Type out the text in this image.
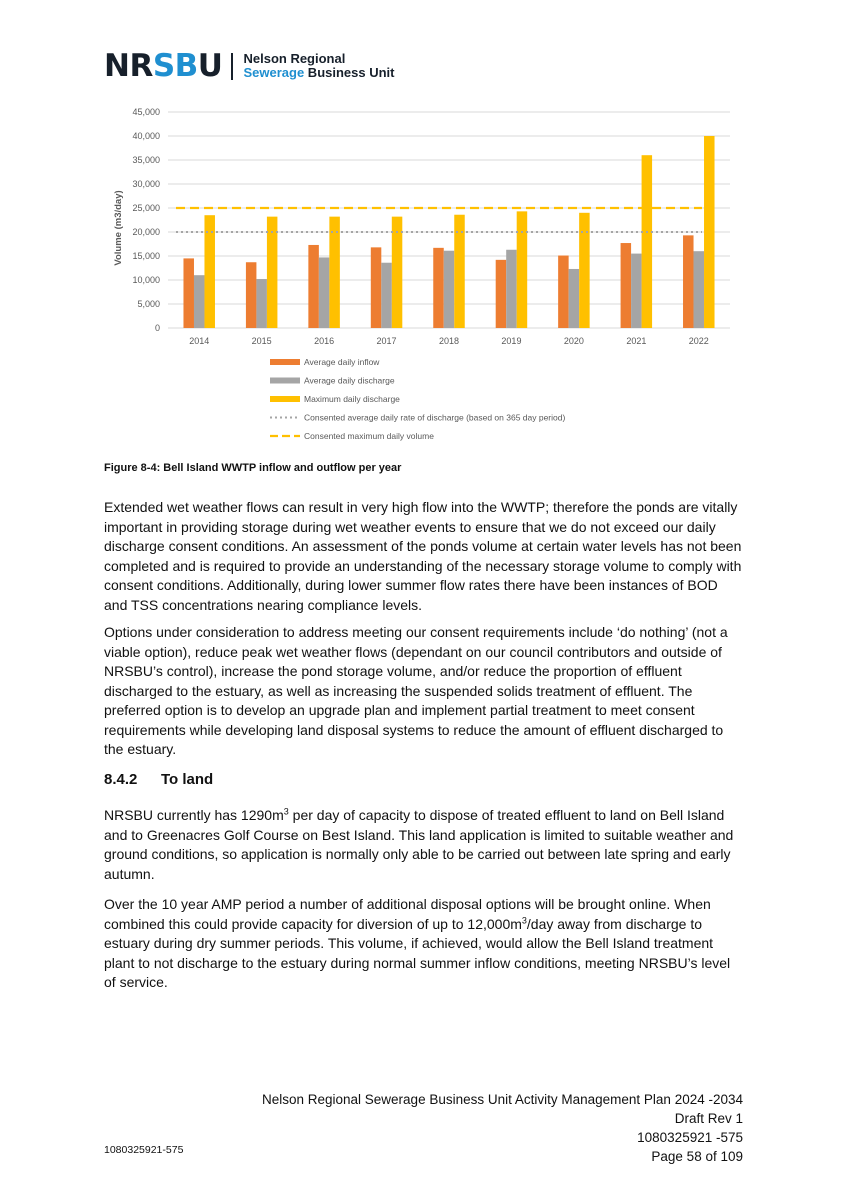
NRSBU Nelson Regional
Sewerage Business Unit
0
5,000
10,000
15,000
20,000
25,000
30,000
35,000
40,000
45,000
2014	2015	2016	2017	2018	2019	2020	2021	2022
Volume (m3/day)
Average daily inflow
Average daily discharge
Maximum daily discharge
Consented average daily rate of discharge (based on 365 day period)
Consented maximum daily volume
Figure 8-4: Bell Island WWTP inflow and outflow per year

Extended wet weather flows can result in very high flow into the WWTP; therefore the ponds are vitally important in providing storage during wet weather events to ensure that we do not exceed our daily discharge consent conditions. An assessment of the ponds volume at certain water levels has not been completed and is required to provide an understanding of the necessary storage volume to comply with consent conditions. Additionally, during lower summer flow rates there have been instances of BOD and TSS concentrations nearing compliance levels.

Options under consideration to address meeting our consent requirements include ‘do nothing’ (not a viable option), reduce peak wet weather flows (dependant on our council contributors and outside of NRSBU’s control), increase the pond storage volume, and/or reduce the proportion of effluent discharged to the estuary, as well as increasing the suspended solids treatment of effluent. The preferred option is to develop an upgrade plan and implement partial treatment to meet consent requirements while developing land disposal systems to reduce the amount of effluent discharged to the estuary.

8.4.2 To land

NRSBU currently has $1290m^3$ per day of capacity to dispose of treated effluent to land on Bell Island and to Greenacres Golf Course on Best Island. This land application is limited to suitable weather and ground conditions, so application is normally only able to be carried out between late spring and early autumn.

Over the 10 year AMP period a number of additional disposal options will be brought online. When combined this could provide capacity for diversion of up to $12,000m^3$/day away from discharge to estuary during dry summer periods. This volume, if achieved, would allow the Bell Island treatment plant to not discharge to the estuary during normal summer inflow conditions, meeting NRSBU’s level of service.

Nelson Regional Sewerage Business Unit Activity Management Plan 2024 -2034
Draft Rev 1
1080325921 -575
Page 58 of 109
1080325921-575
